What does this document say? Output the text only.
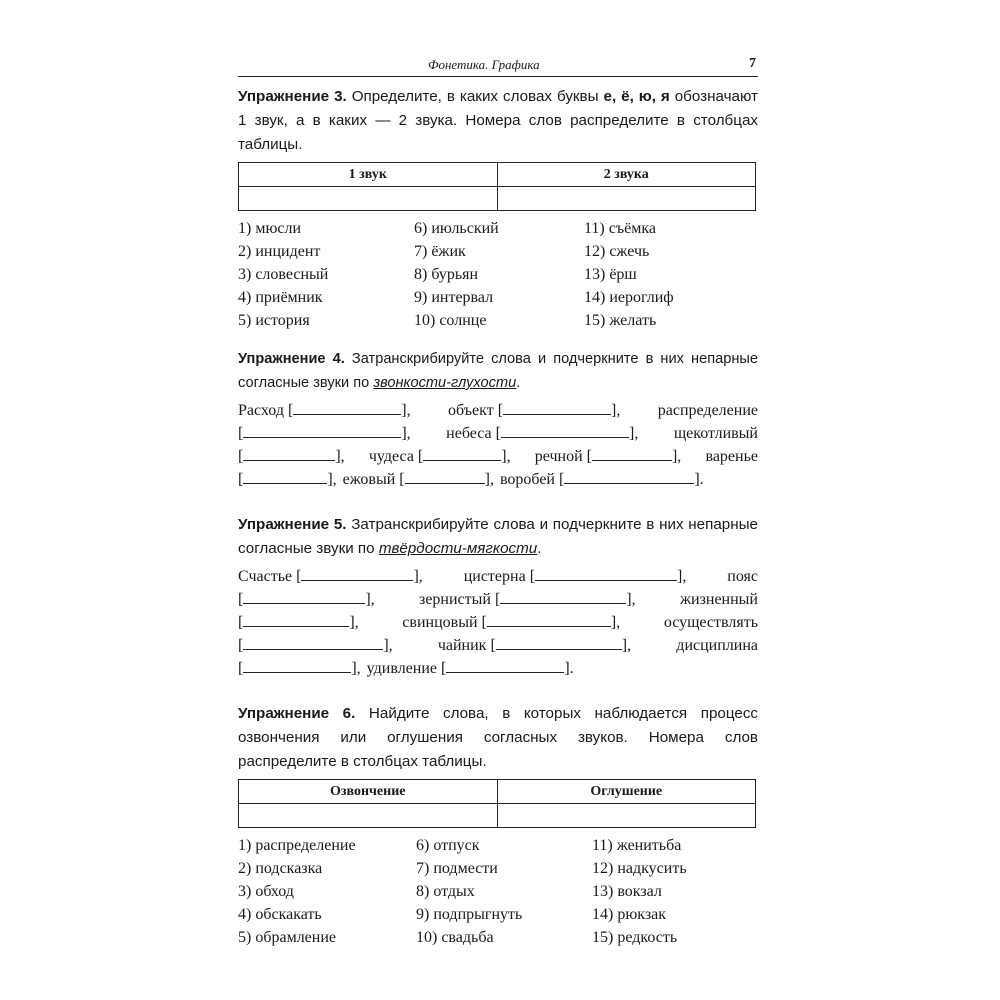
Фонетика. Графика	7

Упражнение 3. Определите, в каких словах буквы е, ё, ю, я обозначают 1 звук, а в каких — 2 звука. Номера слов распределите в столбцах таблицы.

1 звук	2 звука

1) мюсли	6) июльский	11) съёмка
2) инцидент	7) ёжик	12) сжечь
3) словесный	8) бурьян	13) ёрш
4) приёмник	9) интервал	14) иероглиф
5) история	10) солнце	15) желать

Упражнение 4. Затранскрибируйте слова и подчеркните в них непарные согласные звуки по звонкости-глухости.

Расход [	], объект [	], распределение
[	], небеса [	], щекотливый
[	], чудеса [	], речной [	], варенье
[	], ежовый [	], воробей [	].

Упражнение 5. Затранскрибируйте слова и подчеркните в них непарные согласные звуки по твёрдости-мягкости.

Счастье [	],	цистерна [	],	пояс
[	],	зернистый [	],	жизненный
[	],	свинцовый [	],	осуществлять
[	],	чайник [	],	дисциплина
[	], удивление [	].

Упражнение 6. Найдите слова, в которых наблюдается процесс озвончения или оглушения согласных звуков. Номера слов распределите в столбцах таблицы.

Озвончение	Оглушение

1) распределение	6) отпуск	11) женитьба
2) подсказка	7) подмести	12) надкусить
3) обход	8) отдых	13) вокзал
4) обскакать	9) подпрыгнуть	14) рюкзак
5) обрамление	10) свадьба	15) редкость
